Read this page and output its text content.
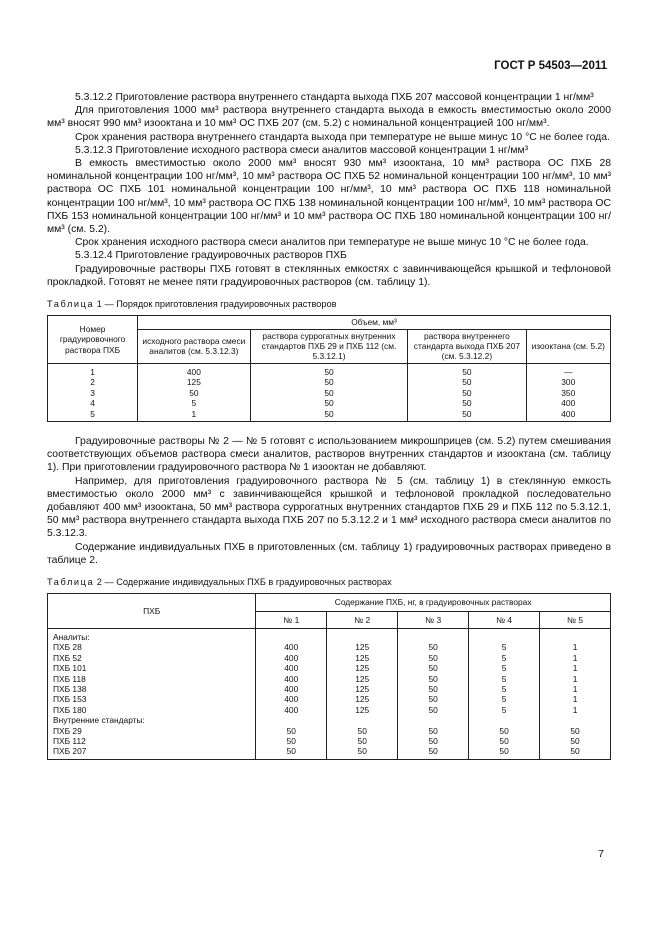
ГОСТ Р 54503—2011

5.3.12.2 Приготовление раствора внутреннего стандарта выхода ПХБ 207 массовой концентрации 1 нг/мм³

Для приготовления 1000 мм³ раствора внутреннего стандарта выхода в емкость вместимостью около 2000 мм³ вносят 990 мм³ изооктана и 10 мм³ ОС ПХБ 207 (см. 5.2) с номинальной концентрацией 100 нг/мм³.

Срок хранения раствора внутреннего стандарта выхода при температуре не выше минус 10 °С не более года.

5.3.12.3 Приготовление исходного раствора смеси аналитов массовой концентрации 1 нг/мм³

В емкость вместимостью около 2000 мм³ вносят 930 мм³ изооктана, 10 мм³ раствора ОС ПХБ 28 номинальной концентрации 100 нг/мм³, 10 мм³ раствора ОС ПХБ 52 номинальной концентрации 100 нг/мм³, 10 мм³ раствора ОС ПХБ 101 номинальной концентрации 100 нг/мм³, 10 мм³ раствора ОС ПХБ 118 номинальной концентрации 100 нг/мм³, 10 мм³ раствора ОС ПХБ 138 номинальной концентрации 100 нг/мм³, 10 мм³ раствора ОС ПХБ 153 номинальной концентрации 100 нг/мм³ и 10 мм³ раствора ОС ПХБ 180 номинальной концентрации 100 нг/мм³ (см. 5.2).

Срок хранения исходного раствора смеси аналитов при температуре не выше минус 10 °С не более года.

5.3.12.4 Приготовление градуировочных растворов ПХБ

Градуировочные растворы ПХБ готовят в стеклянных емкостях с завинчивающейся крышкой и тефлоновой прокладкой. Готовят не менее пяти градуировочных растворов (см. таблицу 1).

Таблица 1 — Порядок приготовления градуировочных растворов
Номер градуировочного раствора ПХБ	Объем, мм³			
	исходного раствора смеси аналитов (см. 5.3.12.3)	раствора суррогатных внутренних стандартов ПХБ 29 и ПХБ 112 (см. 5.3.12.1)	раствора внутреннего стандарта выхода ПХБ 207 (см. 5.3.12.2)	изооктана (см. 5.2)
1	400	50	50	—
2	125	50	50	300
3	50	50	50	350
4	5	50	50	400
5	1	50	50	400

Градуировочные растворы № 2 — № 5 готовят с использованием микрошприцев (см. 5.2) путем смешивания соответствующих объемов раствора смеси аналитов, растворов внутренних стандартов и изооктана (см. таблицу 1). При приготовлении градуировочного раствора № 1 изооктан не добавляют.

Например, для приготовления градуировочного раствора № 5 (см. таблицу 1) в стеклянную емкость вместимостью около 2000 мм³ с завинчивающейся крышкой и тефлоновой прокладкой последовательно добавляют 400 мм³ изооктана, 50 мм³ раствора суррогатных внутренних стандартов ПХБ 29 и ПХБ 112 по 5.3.12.1, 50 мм³ раствора внутреннего стандарта выхода ПХБ 207 по 5.3.12.2 и 1 мм³ исходного раствора смеси аналитов по 5.3.12.3.

Содержание индивидуальных ПХБ в приготовленных (см. таблицу 1) градуировочных растворах приведено в таблице 2.

Таблица 2 — Содержание индивидуальных ПХБ в градуировочных растворах
ПХБ	Содержание ПХБ, нг, в градуировочных растворах				
	№ 1	№ 2	№ 3	№ 4	№ 5
Аналиты:					
ПХБ 28	400	125	50	5	1
ПХБ 52	400	125	50	5	1
ПХБ 101	400	125	50	5	1
ПХБ 118	400	125	50	5	1
ПХБ 138	400	125	50	5	1
ПХБ 153	400	125	50	5	1
ПХБ 180	400	125	50	5	1
Внутренние стандарты:					
ПХБ 29	50	50	50	50	50
ПХБ 112	50	50	50	50	50
ПХБ 207	50	50	50	50	50
7
